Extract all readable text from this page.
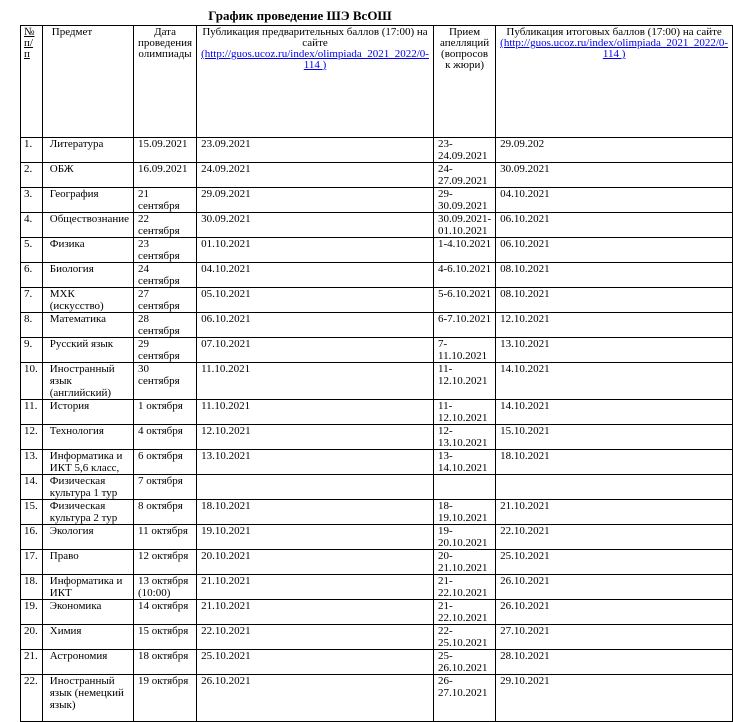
График проведение ШЭ ВсОШ
№ п/п	Предмет	Дата проведения олимпиады	Публикация предварительных баллов (17:00) на сайте (http://guos.ucoz.ru/index/olimpiada_2021_2022/0-114 )	Прием апелляций (вопросов к жюри)	Публикация итоговых баллов (17:00) на сайте (http://guos.ucoz.ru/index/olimpiada_2021_2022/0-114 )
1.	Литература	15.09.2021	23.09.2021	23-24.09.2021	29.09.202
2.	ОБЖ	16.09.2021	24.09.2021	24-27.09.2021	30.09.2021
3.	География	21 сентября	29.09.2021	29-30.09.2021	04.10.2021
4.	Обществознание	22 сентября	30.09.2021	30.09.2021-01.10.2021	06.10.2021
5.	Физика	23 сентября	01.10.2021	1-4.10.2021	06.10.2021
6.	Биология	24 сентября	04.10.2021	4-6.10.2021	08.10.2021
7.	МХК (искусство)	27 сентября	05.10.2021	5-6.10.2021	08.10.2021
8.	Математика	28 сентября	06.10.2021	6-7.10.2021	12.10.2021
9.	Русский язык	29 сентября	07.10.2021	7-11.10.2021	13.10.2021
10.	Иностранный язык (английский)	30 сентября	11.10.2021	11-12.10.2021	14.10.2021
11.	История	1 октября	11.10.2021	11-12.10.2021	14.10.2021
12.	Технология	4 октября	12.10.2021	12-13.10.2021	15.10.2021
13.	Информатика и ИКТ 5,6 класс,	6 октября	13.10.2021	13-14.10.2021	18.10.2021
14.	Физическая культура 1 тур	7 октября			
15.	Физическая культура 2 тур	8 октября	18.10.2021	18-19.10.2021	21.10.2021
16.	Экология	11 октября	19.10.2021	19-20.10.2021	22.10.2021
17.	Право	12 октября	20.10.2021	20-21.10.2021	25.10.2021
18.	Информатика и ИКТ	13 октября (10:00)	21.10.2021	21-22.10.2021	26.10.2021
19.	Экономика	14 октября	21.10.2021	21-22.10.2021	26.10.2021
20.	Химия	15 октября	22.10.2021	22-25.10.2021	27.10.2021
21.	Астрономия	18 октября	25.10.2021	25-26.10.2021	28.10.2021
22.	Иностранный язык (немецкий язык)	19 октября	26.10.2021	26-27.10.2021	29.10.2021
